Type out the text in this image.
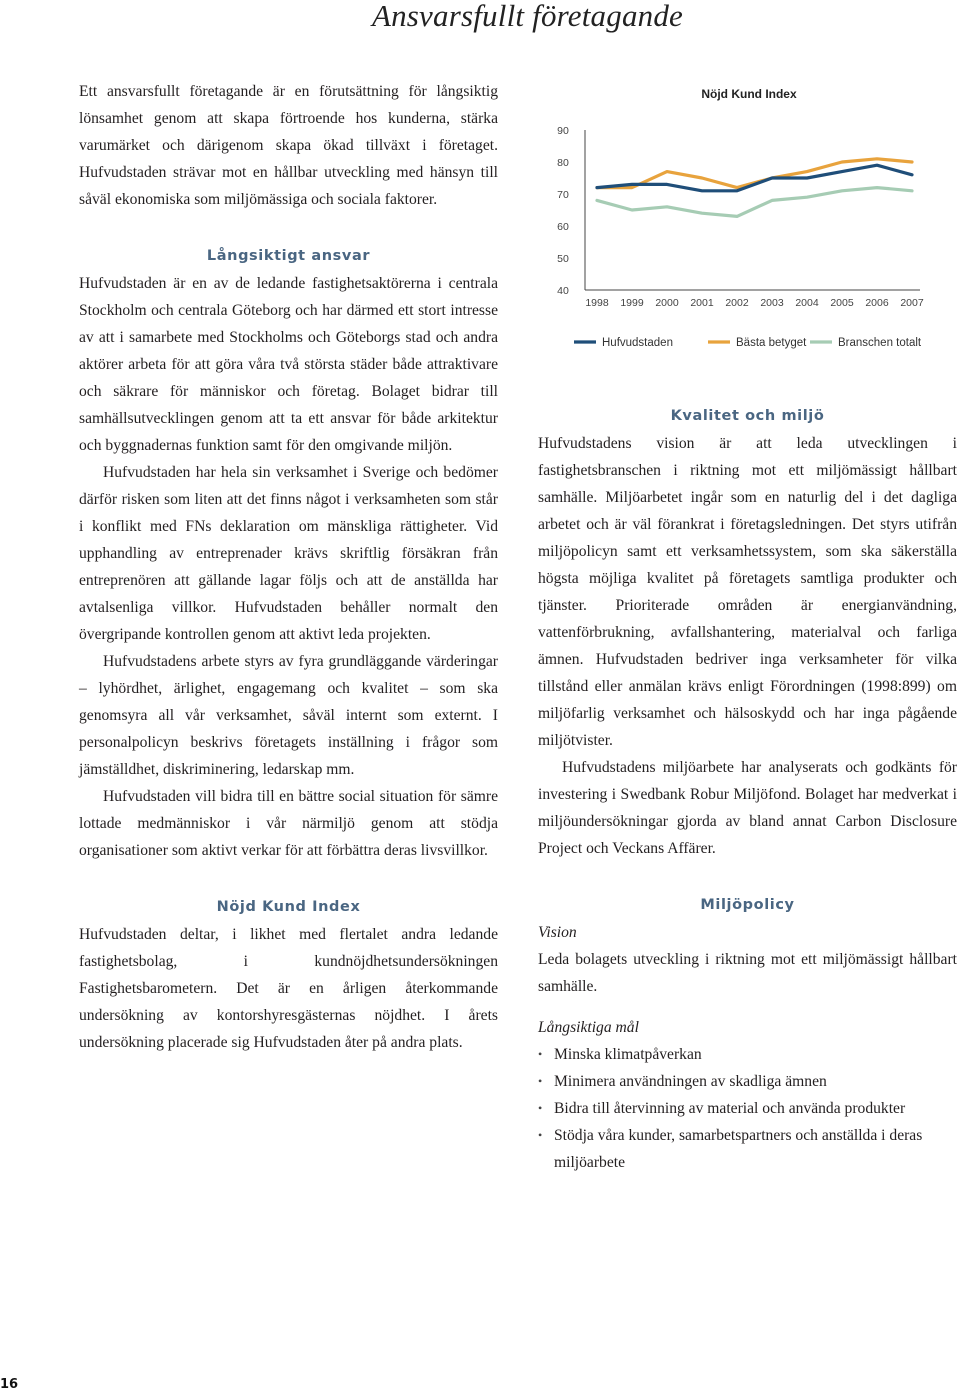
Ansvarsfullt företagande

Ett ansvarsfullt företagande är en förutsättning för långsiktig lönsamhet genom att skapa förtroende hos kunderna, stärka varumärket och därigenom skapa ökad tillväxt i företaget. Hufvudstaden strävar mot en hållbar utveckling med hänsyn till såväl ekonomiska som miljömässiga och sociala faktorer.

Långsiktigt ansvar

Hufvudstaden är en av de ledande fastighetsaktörerna i centrala Stockholm och centrala Göteborg och har därmed ett stort intresse av att i samarbete med Stockholms och Göteborgs stad och andra aktörer arbeta för att göra våra två största städer både attraktivare och säkrare för människor och företag. Bolaget bidrar till samhällsutvecklingen genom att ta ett ansvar för både arkitektur och byggnadernas funktion samt för den omgivande miljön.

Hufvudstaden har hela sin verksamhet i Sverige och bedömer därför risken som liten att det finns något i verksamheten som står i konflikt med FNs deklaration om mänskliga rättigheter. Vid upphandling av entreprenader krävs skriftlig försäkran från entreprenören att gällande lagar följs och att de anställda har avtalsenliga villkor. Hufvudstaden behåller normalt den övergripande kontrollen genom att aktivt leda projekten.

Hufvudstadens arbete styrs av fyra grundläggande värderingar – lyhördhet, ärlighet, engagemang och kvalitet – som ska genomsyra all vår verksamhet, såväl internt som externt. I personalpolicyn beskrivs företagets inställning i frågor som jämställdhet, diskriminering, ledarskap mm.

Hufvudstaden vill bidra till en bättre social situation för sämre lottade medmänniskor i vår närmiljö genom att stödja organisationer som aktivt verkar för att förbättra deras livsvillkor.

Nöjd Kund Index

Hufvudstaden deltar, i likhet med flertalet andra ledande fastighetsbolag, i kundnöjdhetsundersökningen Fastighetsbarometern. Det är en årligen återkommande undersökning av kontorshyresgästernas nöjdhet. I årets undersökning placerade sig Hufvudstaden åter på andra plats.

Nöjd Kund Index
40
50
60
70
80
90
1998 1999 2000 2001 2002 2003 2004 2005 2006 2007
Hufvudstaden	Bästa betyget	Branschen totalt
Kvalitet och miljö

Hufvudstadens vision är att leda utvecklingen i fastighetsbranschen i riktning mot ett miljömässigt hållbart samhälle. Miljöarbetet ingår som en naturlig del i det dagliga arbetet och är väl förankrat i företagsledningen. Det styrs utifrån miljöpolicyn samt ett verksamhetssystem, som ska säkerställa högsta möjliga kvalitet på företagets samtliga produkter och tjänster. Prioriterade områden är energianvändning, vattenförbrukning, avfallshantering, materialval och farliga ämnen. Hufvudstaden bedriver inga verksamheter för vilka tillstånd eller anmälan krävs enligt Förordningen (1998:899) om miljöfarlig verksamhet och hälsoskydd och har inga pågående miljötvister.

Hufvudstadens miljöarbete har analyserats och godkänts för investering i Swedbank Robur Miljöfond. Bolaget har medverkat i miljöundersökningar gjorda av bland annat Carbon Disclosure Project och Veckans Affärer.

Miljöpolicy
Vision

Leda bolagets utveckling i riktning mot ett miljömässigt hållbart samhälle.

Långsiktiga mål
• Minska klimatpåverkan
• Minimera användningen av skadliga ämnen
• Bidra till återvinning av material och använda produkter
• Stödja våra kunder, samarbetspartners och anställda i deras miljöarbete
16
